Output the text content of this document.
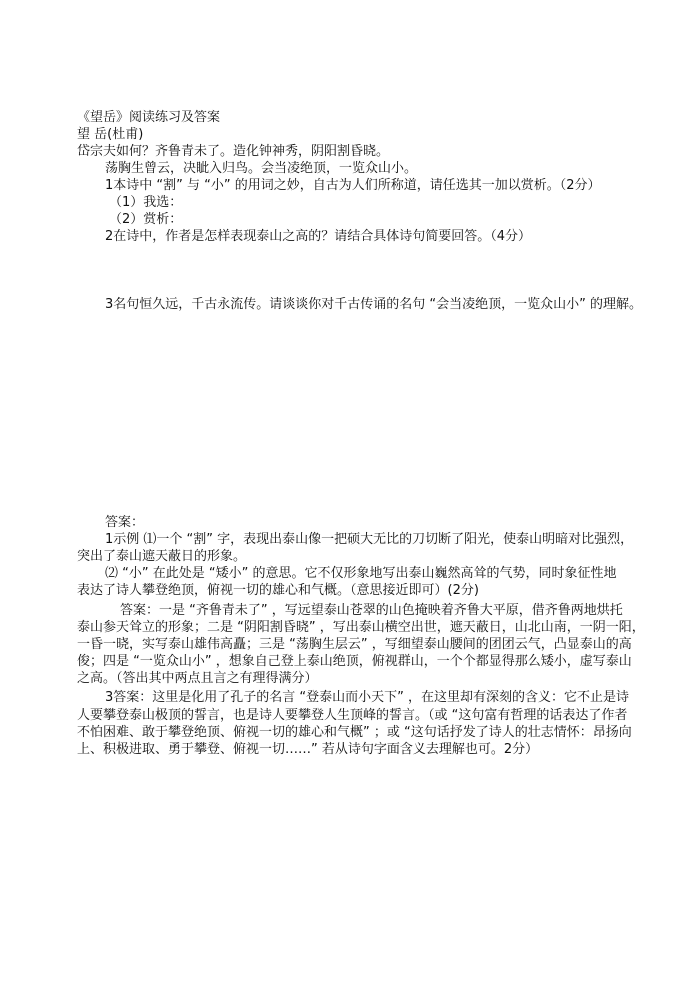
《望岳》阅读练习及答案
望 岳(杜甫)
岱宗夫如何？齐鲁青未了。造化钟神秀，阴阳割昏晓。
荡胸生曾云，决眦入归鸟。会当凌绝顶，一览众山小。
1本诗中 “割” 与 “小” 的用词之妙，自古为人们所称道，请任选其一加以赏析。（2分）
（1）我选：
（2）赏析：
2在诗中，作者是怎样表现泰山之高的？请结合具体诗句简要回答。（4分）
3名句恒久远，千古永流传。请谈谈你对千古传诵的名句 “会当凌绝顶，一览众山小” 的理解。
答案：
1示例 ⑴一个 “割” 字，表现出泰山像一把硕大无比的刀切断了阳光，使泰山明暗对比强烈，
突出了泰山遮天蔽日的形象。
⑵ “小” 在此处是 “矮小” 的意思。它不仅形象地写出泰山巍然高耸的气势，同时象征性地
表达了诗人攀登绝顶，俯视一切的雄心和气概。（意思接近即可）(2分)
答案：一是 “齐鲁青未了” ，写远望泰山苍翠的山色掩映着齐鲁大平原，借齐鲁两地烘托
泰山参天耸立的形象；二是 “阴阳割昏晓” ，写出泰山横空出世，遮天蔽日，山北山南，一阴一阳，
一昏一晓，实写泰山雄伟高矗；三是 “荡胸生层云” ，写细望泰山腰间的团团云气，凸显泰山的高
俊；四是 “一览众山小” ，想象自己登上泰山绝顶，俯视群山，一个个都显得那么矮小，虚写泰山
之高。（答出其中两点且言之有理得满分）
3答案：这里是化用了孔子的名言 “登泰山而小天下” ，在这里却有深刻的含义：它不止是诗
人要攀登泰山极顶的誓言，也是诗人要攀登人生顶峰的誓言。（或 “这句富有哲理的话表达了作者
不怕困难、敢于攀登绝顶、俯视一切的雄心和气概” ；或 “这句话抒发了诗人的壮志情怀：昂扬向
上、积极进取、勇于攀登、俯视一切……” 若从诗句字面含义去理解也可。2分）
